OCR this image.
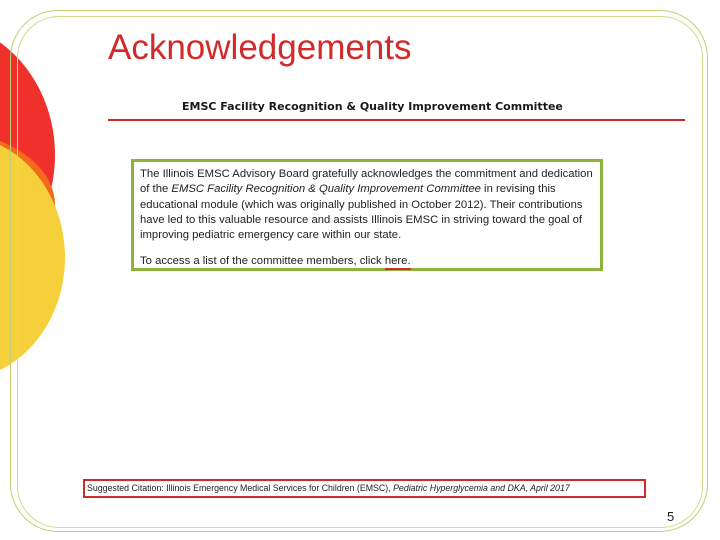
Acknowledgements
EMSC Facility Recognition & Quality Improvement Committee

The Illinois EMSC Advisory Board gratefully acknowledges the commitment and dedication of the EMSC Facility Recognition & Quality Improvement Committee in revising this educational module (which was originally published in October 2012). Their contributions have led to this valuable resource and assists Illinois EMSC in striving toward the goal of improving pediatric emergency care within our state.

To access a list of the committee members, click here.

Suggested Citation: Illinois Emergency Medical Services for Children (EMSC), Pediatric Hyperglycemia and DKA, April 2017
5
